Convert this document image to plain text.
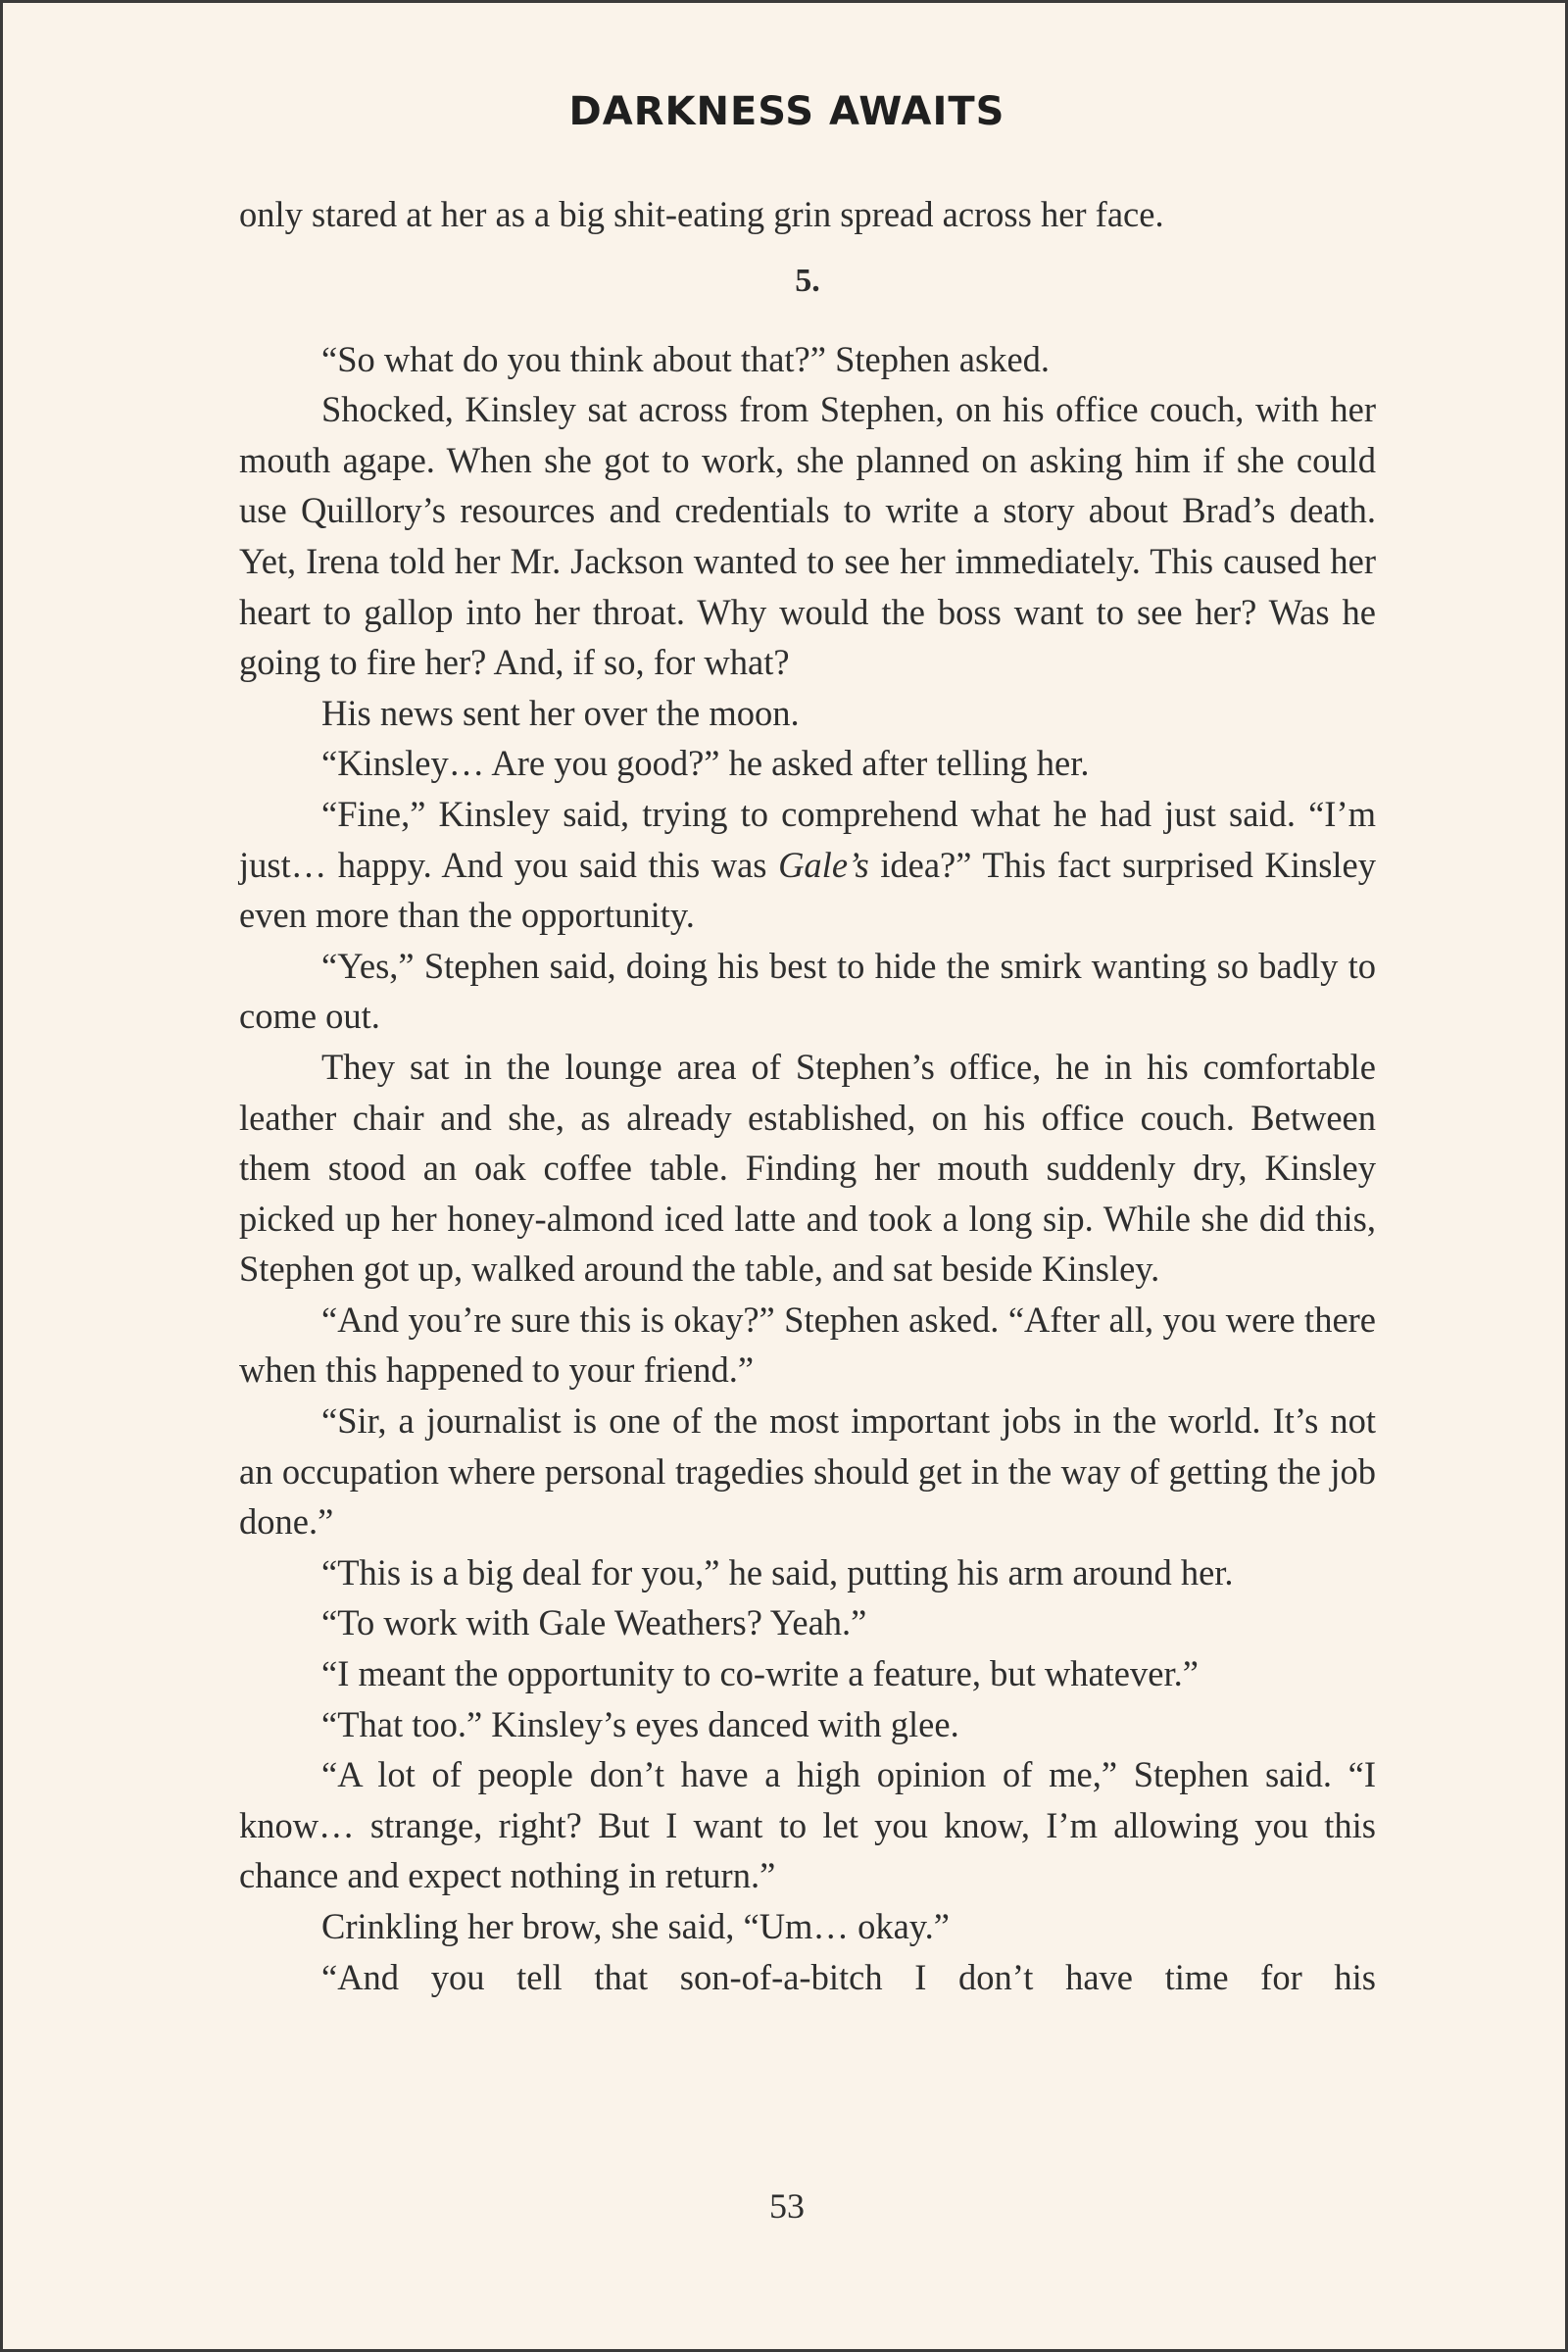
DARKNESS AWAITS

only stared at her as a big shit-eating grin spread across her face.

5.

“So what do you think about that?” Stephen asked.

Shocked, Kinsley sat across from Stephen, on his office couch, with her mouth agape. When she got to work, she planned on asking him if she could use Quillory’s resources and credentials to write a story about Brad’s death. Yet, Irena told her Mr. Jackson wanted to see her immediately. This caused her heart to gallop into her throat. Why would the boss want to see her? Was he going to fire her? And, if so, for what?

His news sent her over the moon.

“Kinsley… Are you good?” he asked after telling her.

“Fine,” Kinsley said, trying to comprehend what he had just said. “I’m just… happy. And you said this was Gale’s idea?” This fact surprised Kinsley even more than the opportunity.

“Yes,” Stephen said, doing his best to hide the smirk wanting so badly to come out.

They sat in the lounge area of Stephen’s office, he in his comfortable leather chair and she, as already established, on his office couch. Between them stood an oak coffee table. Finding her mouth suddenly dry, Kinsley picked up her honey-almond iced latte and took a long sip. While she did this, Stephen got up, walked around the table, and sat beside Kinsley.

“And you’re sure this is okay?” Stephen asked. “After all, you were there when this happened to your friend.”

“Sir, a journalist is one of the most important jobs in the world. It’s not an occupation where personal tragedies should get in the way of getting the job done.”

“This is a big deal for you,” he said, putting his arm around her.

“To work with Gale Weathers? Yeah.”

“I meant the opportunity to co-write a feature, but whatever.”

“That too.” Kinsley’s eyes danced with glee.

“A lot of people don’t have a high opinion of me,” Stephen said. “I know… strange, right? But I want to let you know, I’m allowing you this chance and expect nothing in return.”

Crinkling her brow, she said, “Um… okay.”

“And you tell that son-of-a-bitch I don’t have time for his

53
